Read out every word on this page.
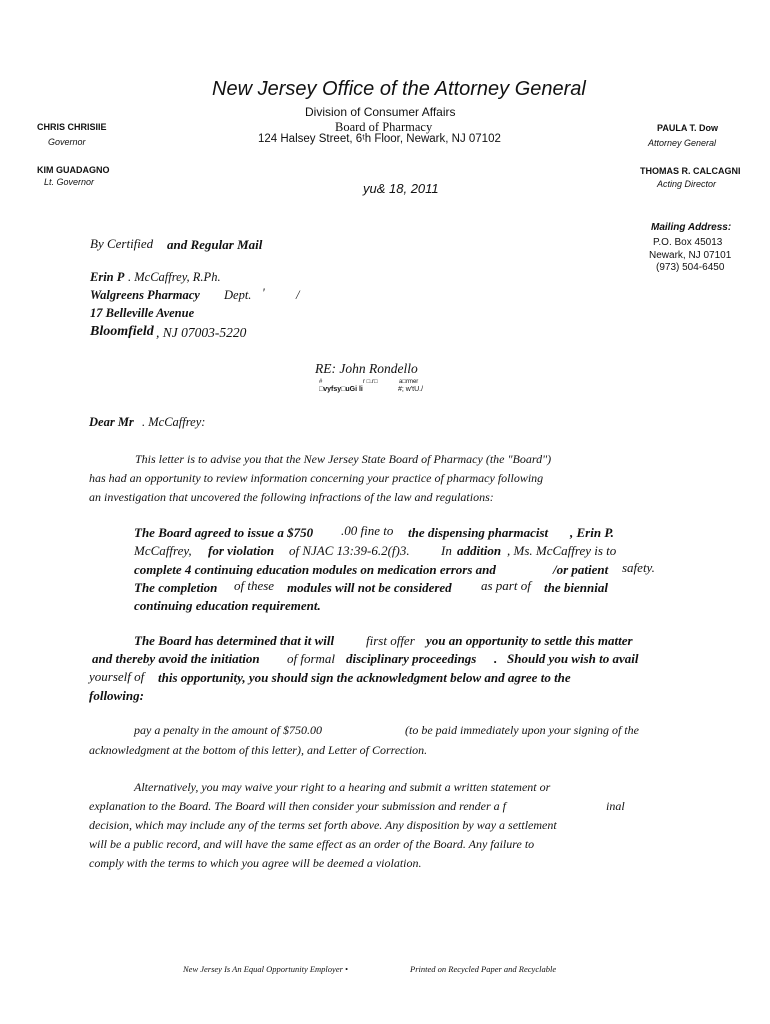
New Jersey Office of the Attorney General
Division of Consumer Affairs
Board of Pharmacy
124 Halsey Street, 6ᵗh Floor, Newark, NJ 07102
CHRIS CHRISIIE
Governor
KIM GUADAGNO
Lt. Governor
PAULA T. Dow
Attorney General
THOMAS R. CALCAGNI
Acting Director
yu& 18, 2011
Mailing Address:
P.O. Box 45013
Newark, NJ 07101
(973) 504-6450
By Certified and Regular Mail
Erin P . McCaffrey, R.Ph.
Walgreens Pharmacy Dept. '	/
17 Belleville Avenue
Bloomfield , NJ 07003-5220
RE: John Rondello
#	r □.r□	a□rmer
□vyfsy□uGi li	#; w'tU./
Dear Mr . McCaffrey:
This letter is to advise you that the New Jersey State Board of Pharmacy (the "Board")
has had an opportunity to review information concerning your practice of pharmacy following
an investigation that uncovered the following infractions of the law and regulations:
The Board agreed to issue a $750 .00 fine to the dispensing pharmacist , Erin P.
McCaffrey, for violation of NJAC 13:39-6.2(f)3. In addition , Ms. McCaffrey is to
complete 4 continuing education modules on medication errors and	/or patient safety.
The completion of these modules will not be considered as part of the biennial
continuing education requirement.
The Board has determined that it will first offer you an opportunity to settle this matter
and thereby avoid the initiation of formal disciplinary proceedings . Should you wish to avail
yourself of this opportunity, you should sign the acknowledgment below and agree to the
following:
pay a penalty in the amount of $750.00	(to be paid immediately upon your signing of the
acknowledgment at the bottom of this letter), and Letter of Correction.
Alternatively, you may waive your right to a hearing and submit a written statement or
explanation to the Board. The Board will then consider your submission and render a f	inal
decision, which may include any of the terms set forth above. Any disposition by way a settlement
will be a public record, and will have the same effect as an order of the Board. Any failure to
comply with the terms to which you agree will be deemed a violation.
New Jersey Is An Equal Opportunity Employer •	Printed on Recycled Paper and Recyclable
